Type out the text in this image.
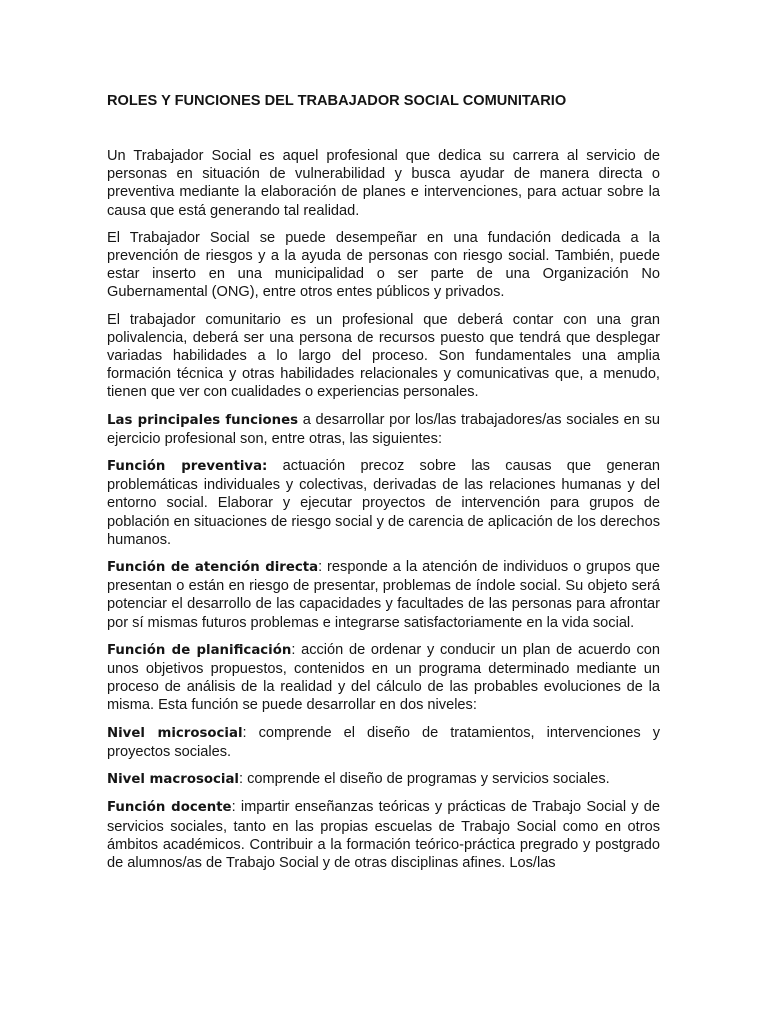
ROLES Y FUNCIONES DEL TRABAJADOR SOCIAL COMUNITARIO

Un Trabajador Social es aquel profesional que dedica su carrera al servicio de personas en situación de vulnerabilidad y busca ayudar de manera directa o preventiva mediante la elaboración de planes e intervenciones, para actuar sobre la causa que está generando tal realidad.

El Trabajador Social se puede desempeñar en una fundación dedicada a la prevención de riesgos y a la ayuda de personas con riesgo social. También, puede estar inserto en una municipalidad o ser parte de una Organización No Gubernamental (ONG), entre otros entes públicos y privados.

El trabajador comunitario es un profesional que deberá contar con una gran polivalencia, deberá ser una persona de recursos puesto que tendrá que desplegar variadas habilidades a lo largo del proceso. Son fundamentales una amplia formación técnica y otras habilidades relacionales y comunicativas que, a menudo, tienen que ver con cualidades o experiencias personales.

Las principales funciones a desarrollar por los/las trabajadores/as sociales en su ejercicio profesional son, entre otras, las siguientes:

Función preventiva: actuación precoz sobre las causas que generan problemáticas individuales y colectivas, derivadas de las relaciones humanas y del entorno social. Elaborar y ejecutar proyectos de intervención para grupos de población en situaciones de riesgo social y de carencia de aplicación de los derechos humanos.

Función de atención directa: responde a la atención de individuos o grupos que presentan o están en riesgo de presentar, problemas de índole social. Su objeto será potenciar el desarrollo de las capacidades y facultades de las personas para afrontar por sí mismas futuros problemas e integrarse satisfactoriamente en la vida social.

Función de planificación: acción de ordenar y conducir un plan de acuerdo con unos objetivos propuestos, contenidos en un programa determinado mediante un proceso de análisis de la realidad y del cálculo de las probables evoluciones de la misma. Esta función se puede desarrollar en dos niveles:

Nivel microsocial: comprende el diseño de tratamientos, intervenciones y proyectos sociales.

Nivel macrosocial: comprende el diseño de programas y servicios sociales.

Función docente: impartir enseñanzas teóricas y prácticas de Trabajo Social y de servicios sociales, tanto en las propias escuelas de Trabajo Social como en otros ámbitos académicos. Contribuir a la formación teórico-práctica pregrado y postgrado de alumnos/as de Trabajo Social y de otras disciplinas afines. Los/las
